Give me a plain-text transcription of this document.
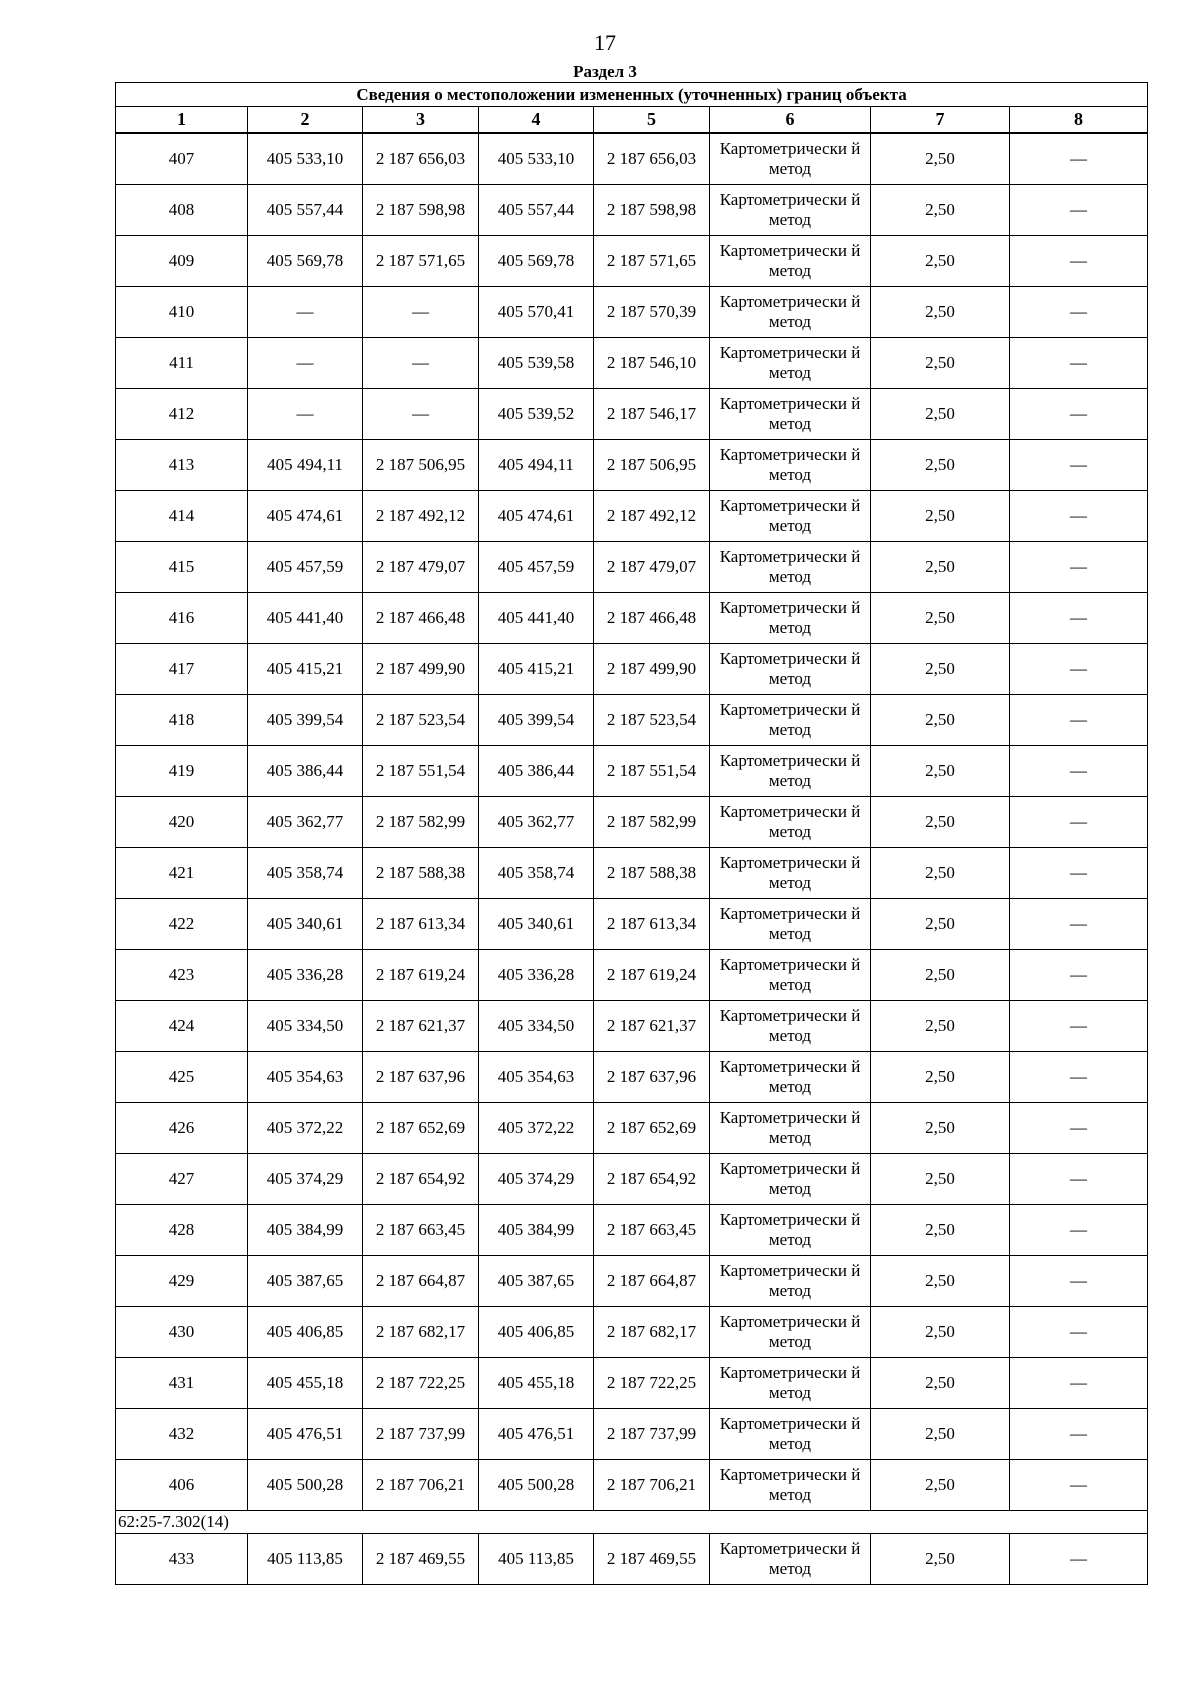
17
Раздел 3
Сведения о местоположении измененных (уточненных) границ объекта							
1	2	3	4	5	6	7	8
407	405 533,10	2 187 656,03	405 533,10	2 187 656,03	Картометрически й метод	2,50	—
408	405 557,44	2 187 598,98	405 557,44	2 187 598,98	Картометрически й метод	2,50	—
409	405 569,78	2 187 571,65	405 569,78	2 187 571,65	Картометрически й метод	2,50	—
410	—	—	405 570,41	2 187 570,39	Картометрически й метод	2,50	—
411	—	—	405 539,58	2 187 546,10	Картометрически й метод	2,50	—
412	—	—	405 539,52	2 187 546,17	Картометрически й метод	2,50	—
413	405 494,11	2 187 506,95	405 494,11	2 187 506,95	Картометрически й метод	2,50	—
414	405 474,61	2 187 492,12	405 474,61	2 187 492,12	Картометрически й метод	2,50	—
415	405 457,59	2 187 479,07	405 457,59	2 187 479,07	Картометрически й метод	2,50	—
416	405 441,40	2 187 466,48	405 441,40	2 187 466,48	Картометрически й метод	2,50	—
417	405 415,21	2 187 499,90	405 415,21	2 187 499,90	Картометрически й метод	2,50	—
418	405 399,54	2 187 523,54	405 399,54	2 187 523,54	Картометрически й метод	2,50	—
419	405 386,44	2 187 551,54	405 386,44	2 187 551,54	Картометрически й метод	2,50	—
420	405 362,77	2 187 582,99	405 362,77	2 187 582,99	Картометрически й метод	2,50	—
421	405 358,74	2 187 588,38	405 358,74	2 187 588,38	Картометрически й метод	2,50	—
422	405 340,61	2 187 613,34	405 340,61	2 187 613,34	Картометрически й метод	2,50	—
423	405 336,28	2 187 619,24	405 336,28	2 187 619,24	Картометрически й метод	2,50	—
424	405 334,50	2 187 621,37	405 334,50	2 187 621,37	Картометрически й метод	2,50	—
425	405 354,63	2 187 637,96	405 354,63	2 187 637,96	Картометрически й метод	2,50	—
426	405 372,22	2 187 652,69	405 372,22	2 187 652,69	Картометрически й метод	2,50	—
427	405 374,29	2 187 654,92	405 374,29	2 187 654,92	Картометрически й метод	2,50	—
428	405 384,99	2 187 663,45	405 384,99	2 187 663,45	Картометрически й метод	2,50	—
429	405 387,65	2 187 664,87	405 387,65	2 187 664,87	Картометрически й метод	2,50	—
430	405 406,85	2 187 682,17	405 406,85	2 187 682,17	Картометрически й метод	2,50	—
431	405 455,18	2 187 722,25	405 455,18	2 187 722,25	Картометрически й метод	2,50	—
432	405 476,51	2 187 737,99	405 476,51	2 187 737,99	Картометрически й метод	2,50	—
406	405 500,28	2 187 706,21	405 500,28	2 187 706,21	Картометрически й метод	2,50	—
62:25-7.302(14)							
433	405 113,85	2 187 469,55	405 113,85	2 187 469,55	Картометрически й метод	2,50	—
